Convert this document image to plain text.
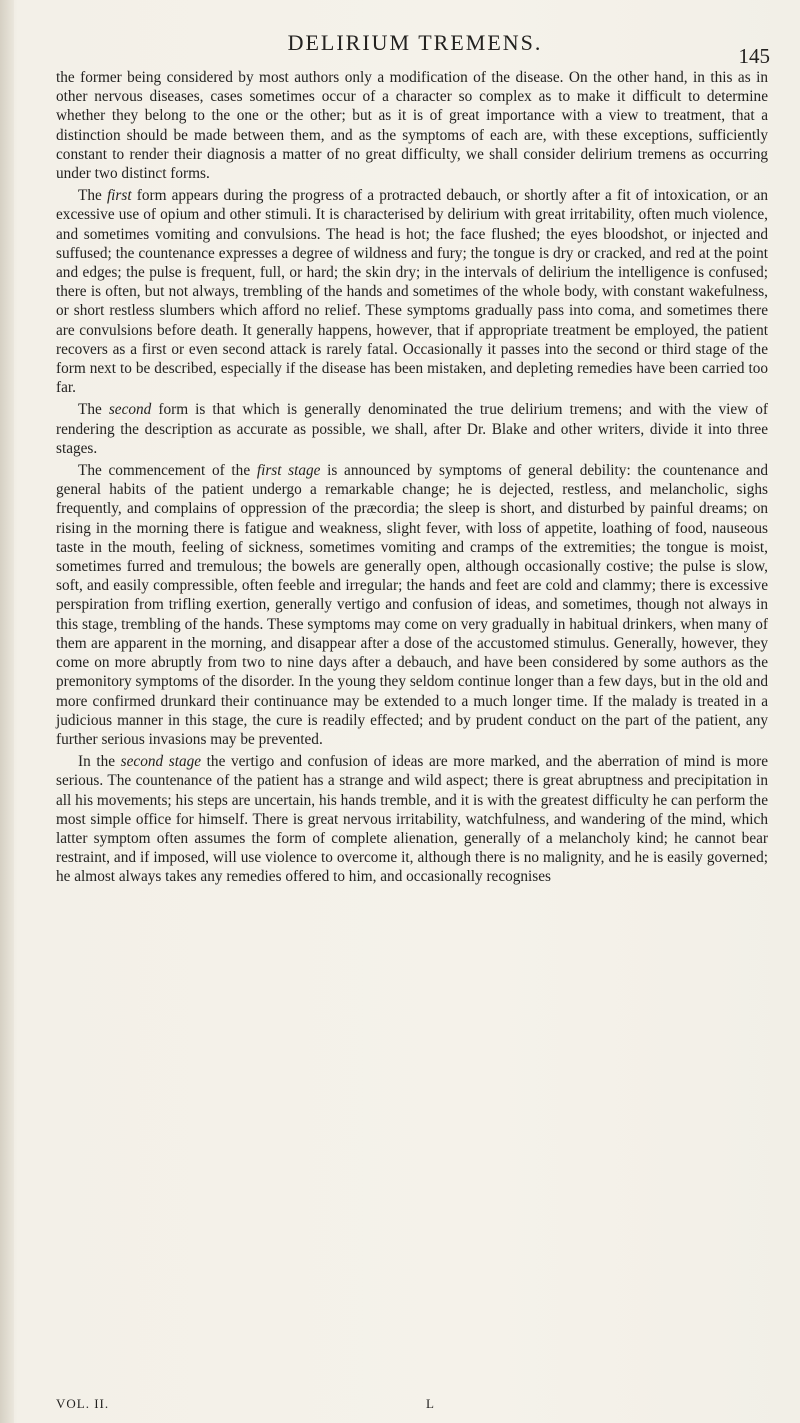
DELIRIUM TREMENS.
145

the former being considered by most authors only a modification of the disease. On the other hand, in this as in other nervous diseases, cases sometimes occur of a character so complex as to make it difficult to determine whether they belong to the one or the other; but as it is of great importance with a view to treatment, that a distinction should be made between them, and as the symptoms of each are, with these exceptions, sufficiently constant to render their diagnosis a matter of no great difficulty, we shall consider delirium tremens as occurring under two distinct forms.

The first form appears during the progress of a protracted debauch, or shortly after a fit of intoxication, or an excessive use of opium and other stimuli. It is characterised by delirium with great irritability, often much violence, and sometimes vomiting and convulsions. The head is hot; the face flushed; the eyes bloodshot, or injected and suffused; the countenance expresses a degree of wildness and fury; the tongue is dry or cracked, and red at the point and edges; the pulse is frequent, full, or hard; the skin dry; in the intervals of delirium the intelligence is confused; there is often, but not always, trembling of the hands and sometimes of the whole body, with constant wakefulness, or short restless slumbers which afford no relief. These symptoms gradually pass into coma, and sometimes there are convulsions before death. It generally happens, however, that if appropriate treatment be employed, the patient recovers as a first or even second attack is rarely fatal. Occasionally it passes into the second or third stage of the form next to be described, especially if the disease has been mistaken, and depleting remedies have been carried too far.

The second form is that which is generally denominated the true delirium tremens; and with the view of rendering the description as accurate as possible, we shall, after Dr. Blake and other writers, divide it into three stages.

The commencement of the first stage is announced by symptoms of general debility: the countenance and general habits of the patient undergo a remarkable change; he is dejected, restless, and melancholic, sighs frequently, and complains of oppression of the præcordia; the sleep is short, and disturbed by painful dreams; on rising in the morning there is fatigue and weakness, slight fever, with loss of appetite, loathing of food, nauseous taste in the mouth, feeling of sickness, sometimes vomiting and cramps of the extremities; the tongue is moist, sometimes furred and tremulous; the bowels are generally open, although occasionally costive; the pulse is slow, soft, and easily compressible, often feeble and irregular; the hands and feet are cold and clammy; there is excessive perspiration from trifling exertion, generally vertigo and confusion of ideas, and sometimes, though not always in this stage, trembling of the hands. These symptoms may come on very gradually in habitual drinkers, when many of them are apparent in the morning, and disappear after a dose of the accustomed stimulus. Generally, however, they come on more abruptly from two to nine days after a debauch, and have been considered by some authors as the premonitory symptoms of the disorder. In the young they seldom continue longer than a few days, but in the old and more confirmed drunkard their continuance may be extended to a much longer time. If the malady is treated in a judicious manner in this stage, the cure is readily effected; and by prudent conduct on the part of the patient, any further serious invasions may be prevented.

In the second stage the vertigo and confusion of ideas are more marked, and the aberration of mind is more serious. The countenance of the patient has a strange and wild aspect; there is great abruptness and precipitation in all his movements; his steps are uncertain, his hands tremble, and it is with the greatest difficulty he can perform the most simple office for himself. There is great nervous irritability, watchfulness, and wandering of the mind, which latter symptom often assumes the form of complete alienation, generally of a melancholy kind; he cannot bear restraint, and if imposed, will use violence to overcome it, although there is no malignity, and he is easily governed; he almost always takes any remedies offered to him, and occasionally recognises

VOL. II.	L
